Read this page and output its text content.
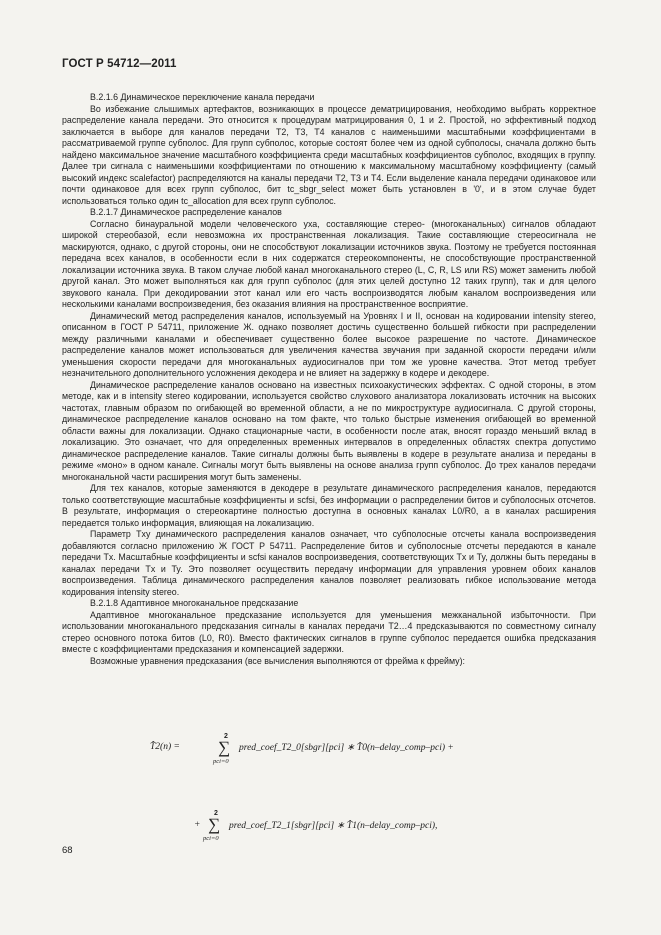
ГОСТ Р 54712—2011

В.2.1.6 Динамическое переключение канала передачи

Во избежание слышимых артефактов, возникающих в процессе дематрицирования, необходимо выбрать корректное распределение канала передачи. Это относится к процедурам матрицирования 0, 1 и 2. Простой, но эффективный подход заключается в выборе для каналов передачи T2, T3, T4 каналов с наименьшими масштабными коэффициентами в рассматриваемой группе субполос. Для групп субполос, которые состоят более чем из одной субполосы, сначала должно быть найдено максимальное значение масштабного коэффициента среди масштабных коэффициентов субполос, входящих в группу. Далее три сигнала с наименьшими коэффициентами по отношению к максимальному масштабному коэффициенту (самый высокий индекс scalefactor) распределяются на каналы передачи T2, T3 и T4. Если выделение канала передачи одинаковое или почти одинаковое для всех групп субполос, бит tc_sbgr_select может быть установлен в '0', и в этом случае будет использоваться только один tc_allocation для всех групп субполос.

В.2.1.7 Динамическое распределение каналов

Согласно бинауральной модели человеческого уха, составляющие стерео- (многоканальных) сигналов обладают широкой стереобазой, если невозможна их пространственная локализация. Такие составляющие стереосигнала не маскируются, однако, с другой стороны, они не способствуют локализации источников звука. Поэтому не требуется постоянная передача всех каналов, в особенности если в них содержатся стереокомпоненты, не способствующие пространственной локализации источника звука. В таком случае любой канал многоканального стерео (L, C, R, LS или RS) может заменить любой другой канал. Это может выполняться как для групп субполос (для этих целей доступно 12 таких групп), так и для целого звукового канала. При декодировании этот канал или его часть воспроизводятся любым каналом воспроизведения или несколькими каналами воспроизведения, без оказания влияния на пространственное восприятие.

Динамический метод распределения каналов, используемый на Уровнях I и II, основан на кодировании intensity stereo, описанном в ГОСТ Р 54711, приложение Ж. однако позволяет достичь существенно большей гибкости при распределении между различными каналами и обеспечивает существенно более высокое разрешение по частоте. Динамическое распределение каналов может использоваться для увеличения качества звучания при заданной скорости передачи и/или уменьшения скорости передачи для многоканальных аудиосигналов при том же уровне качества. Этот метод требует незначительного дополнительного усложнения декодера и не влияет на задержку в кодере и декодере.

Динамическое распределение каналов основано на известных психоакустических эффектах. С одной стороны, в этом методе, как и в intensity stereo кодировании, используется свойство слухового анализатора локализовать источник на высоких частотах, главным образом по огибающей во временной области, а не по микроструктуре аудиосигнала. С другой стороны, динамическое распределение каналов основано на том факте, что только быстрые изменения огибающей во временной области важны для локализации. Однако стационарные части, в особенности после атак, вносят гораздо меньший вклад в локализацию. Это означает, что для определенных временных интервалов в определенных областях спектра допустимо динамическое распределение каналов. Такие сигналы должны быть выявлены в кодере в результате анализа и переданы в режиме «моно» в одном канале. Сигналы могут быть выявлены на основе анализа групп субполос. До трех каналов передачи многоканальной части расширения могут быть заменены.

Для тех каналов, которые заменяются в декодере в результате динамического распределения каналов, передаются только соответствующие масштабные коэффициенты и scfsi, без информации о распределении битов и субполосных отсчетов. В результате, информация о стереокартине полностью доступна в основных каналах L0/R0, а в каналах расширения передается только информация, влияющая на локализацию.

Параметр Txy динамического распределения каналов означает, что субполосные отсчеты канала воспроизведения добавляются согласно приложению Ж ГОСТ Р 54711. Распределение битов и субполосные отсчеты передаются в канале передачи Tx. Масштабные коэффициенты и scfsi каналов воспроизведения, соответствующих Tx и Ty, должны быть переданы в каналах передачи Tx и Ty. Это позволяет осуществить передачу информации для управления уровнем обоих каналов воспроизведения. Таблица динамического распределения каналов позволяет реализовать гибкое использование метода кодирования intensity stereo.

В.2.1.8 Адаптивное многоканальное предсказание

Адаптивное многоканальное предсказание используется для уменьшения межканальной избыточности. При использовании многоканального предсказания сигналы в каналах передачи T2…4 предсказываются по совместному сигналу стерео основного потока битов (L0, R0). Вместо фактических сигналов в группе субполос передается ошибка предсказания вместе с коэффициентами предсказания и компенсацией задержки.

Возможные уравнения предсказания (все вычисления выполняются от фрейма к фрейму):

T̂2(n) =
2
∑
pci=0
pred_coef_T2_0[sbgr][pci] ∗ T̂0(n–delay_comp–pci) +
+
2
∑
pci=0
pred_coef_T2_1[sbgr][pci] ∗ T̂1(n–delay_comp–pci),
68
